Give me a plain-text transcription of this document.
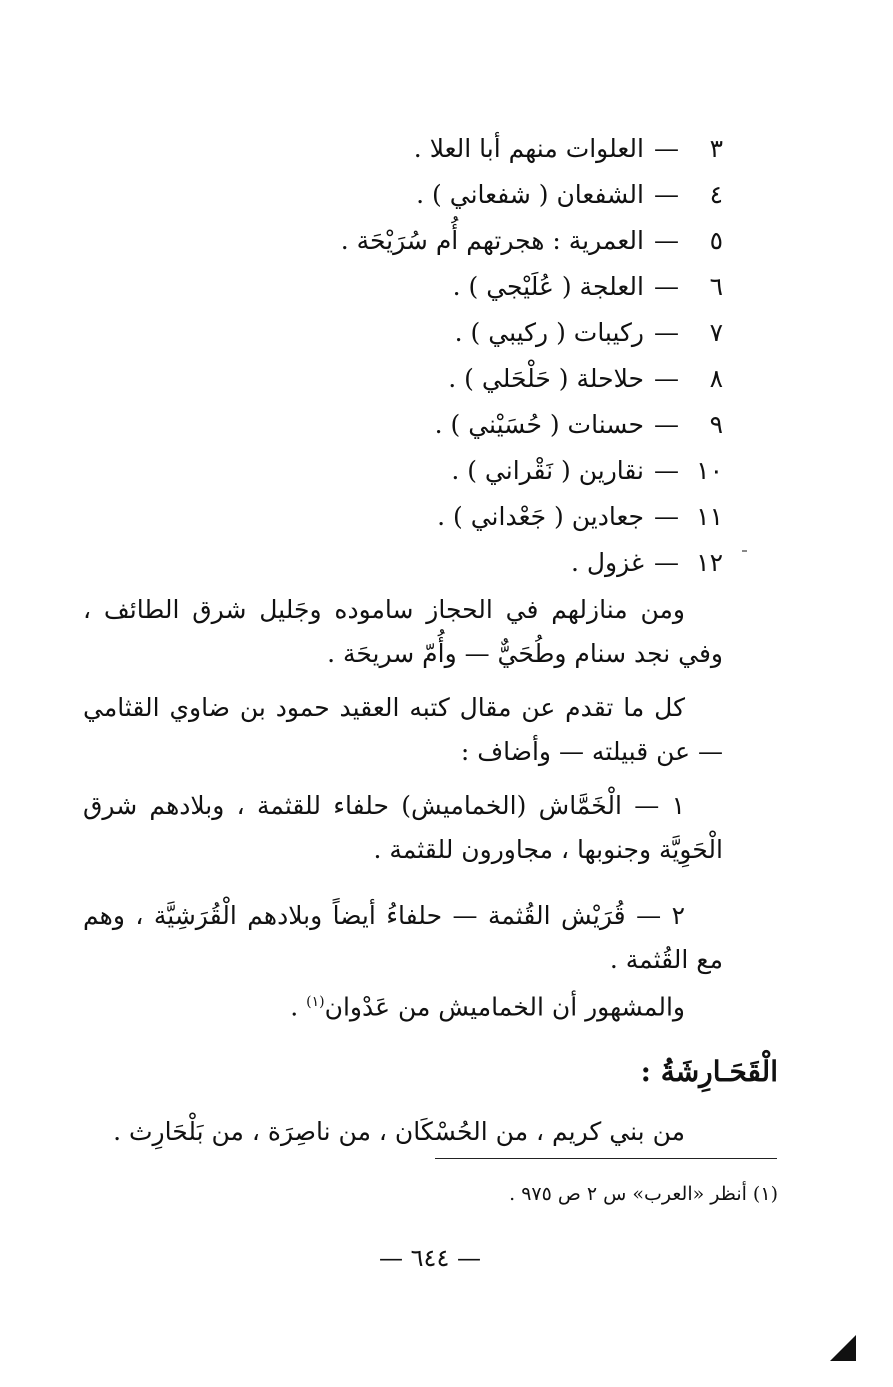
٣—العلوات منهم أبا العلا .
٤—الشفعان ( شفعاني ) .
٥—العمرية : هجرتهم أُم سُرَيْحَة .
٦—العلجة ( عُلَيْجي ) .
٧—ركيبات ( ركيبي ) .
٨—حلاحلة ( حَلْحَلي ) .
٩—حسنات ( حُسَيْني ) .
١٠—نقارين ( نَقْراني ) .
١١—جعادين ( جَعْداني ) .
١٢—غزول .

ومن منازلهم في الحجاز ساموده وجَليل شرق الطائف ، وفي نجد سنام وطُحَيٌّ — وأُمّ سريحَة .

كل ما تقدم عن مقال كتبه العقيد حمود بن ضاوي القثامي — عن قبيلته — وأضاف :

١ — الْخَمَّاش (الخماميش) حلفاء للقثمة ، وبلادهم شرق الْحَوِيَّة وجنوبها ، مجاورون للقثمة .

٢ — قُرَيْش القُثمة — حلفاءُ أيضاً وبلادهم الْقُرَشِيَّة ، وهم مع القُثمة .

والمشهور أن الخماميش من عَدْوان$^{(١)}$ .

الْقَحَـارِشَةُ :

من بني كريم ، من الحُسْكَان ، من ناصِرَة ، من بَلْحَارِث .

(١) أنظر «العرب» س ٢ ص ٩٧٥ .

— ٦٤٤ —
